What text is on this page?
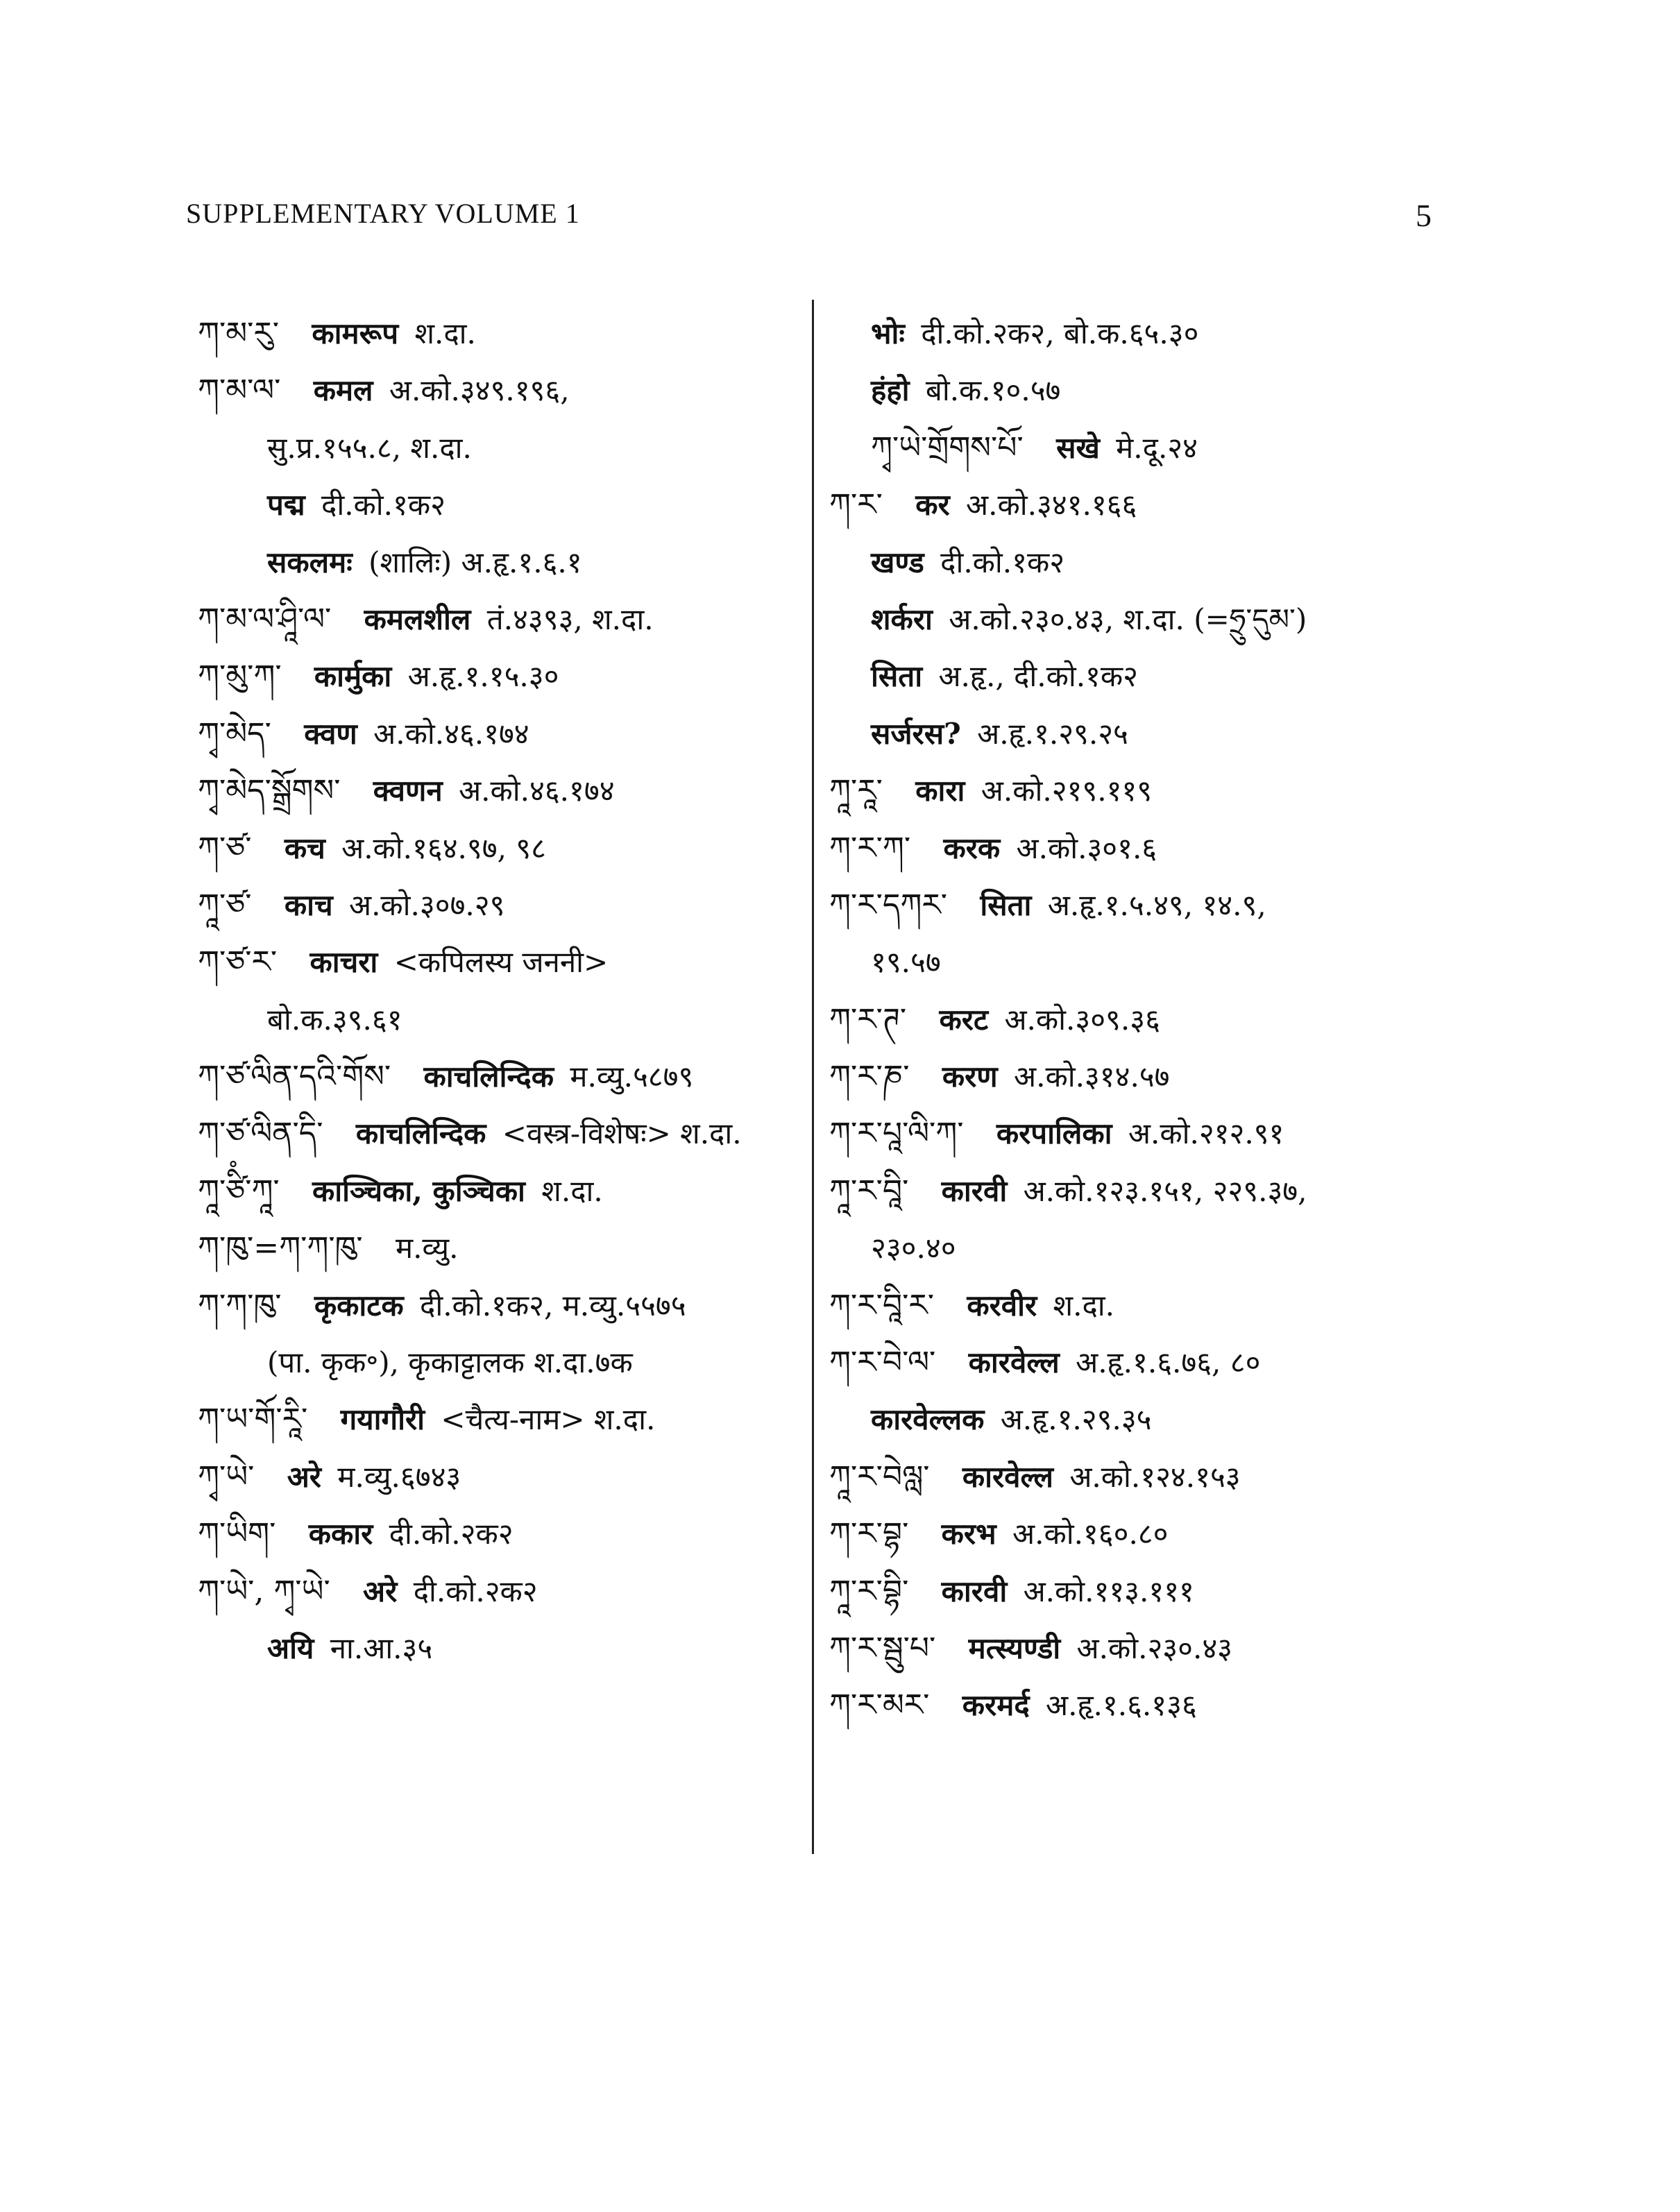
SUPPLEMENTARY VOLUME 1	5
ཀ་མ་རུ་ कामरूप श.दा.
ཀ་མ་ལ་ कमल अ.को.३४९.१९६,
सु.प्र.१५५.८, श.दा.
पद्म दी.को.१क२
सकलमः (शालिः) अ.हृ.१.६.१
ཀ་མ་ལ་ཤཱི་ལ་ कमलशील तं.४३९३, श.दा.
ཀ་མུ་ཀ་ कार्मुका अ.हृ.१.१५.३०
ཀྭ་མེད་ क्वण अ.को.४६.१७४
ཀྭ་མེད་སྒྲོགས་ क्वणन अ.को.४६.१७४
ཀ་ཙ་ कच अ.को.१६४.९७, ९८
ཀཱ་ཙ་ काच अ.को.३०७.२९
ཀ་ཙ་ར་ काचरा <कपिलस्य जननी>
बो.क.३९.६१
ཀ་ཙ་ལིན་དའི་གོས་ काचलिन्दिक म.व्यु.५८७९
ཀ་ཙ་ལིན་དི་ काचलिन्दिक <वस्त्र-विशेषः> श.दा.
ཀཱ་ཙིཾ་ཀཱ་ काञ्चिका, कुञ्चिका श.दा.
ཀ་ཁུ་=ཀ་ཀ་ཁུ་ म.व्यु.
ཀ་ཀ་ཁུ་ कृकाटक दी.को.१क२, म.व्यु.५५७५
(पा. कृक॰), कृकाट्टालक श.दा.७क
ཀ་ཡ་གོ་རཱི་ गयागौरी <चैत्य-नाम> श.दा.
ཀྭ་ཡེ་ अरे म.व्यु.६७४३
ཀ་ཡིག་ ककार दी.को.२क२
ཀ་ཡེ་, ཀྭ་ཡེ་ अरे दी.को.२क२
अयि ना.आ.३५
भोः दी.को.२क२, बो.क.६५.३०
हंहो बो.क.१०.५७
ཀྭ་ཡེ་གྲོགས་པོ་ सखे मे.दू.२४
ཀ་ར་ कर अ.को.३४१.१६६
खण्ड दी.को.१क२
शर्करा अ.को.२३०.४३, श.दा. (=ཧྲུ་དུམ་)
सिता अ.हृ., दी.को.१क२
सर्जरस? अ.हृ.१.२९.२५
ཀཱ་རཱ་ कारा अ.को.२१९.११९
ཀ་ར་ཀ་ करक अ.को.३०१.६
ཀ་ར་དཀར་ सिता अ.हृ.१.५.४९, १४.९,
१९.५७
ཀ་ར་ཊ་ करट अ.को.३०९.३६
ཀ་ར་ཎ་ करण अ.को.३१४.५७
ཀ་ར་པཱ་ལི་ཀ་ करपालिका अ.को.२१२.९१
ཀཱ་ར་བཱི་ कारवी अ.को.१२३.१५१, २२९.३७,
२३०.४०
ཀ་ར་བཱི་ར་ करवीर श.दा.
ཀ་ར་བེ་ལ་ कारवेल्ल अ.हृ.१.६.७६, ८०
कारवेल्लक अ.हृ.१.२९.३५
ཀཱ་ར་བེལླ་ कारवेल्ल अ.को.१२४.१५३
ཀ་ར་བྷ་ करभ अ.को.१६०.८०
ཀཱ་ར་བྷི་ कारवी अ.को.११३.१११
ཀ་ར་སྦུ་པ་ मत्स्यण्डी अ.को.२३०.४३
ཀ་ར་མར་ करमर्द अ.हृ.१.६.१३६
